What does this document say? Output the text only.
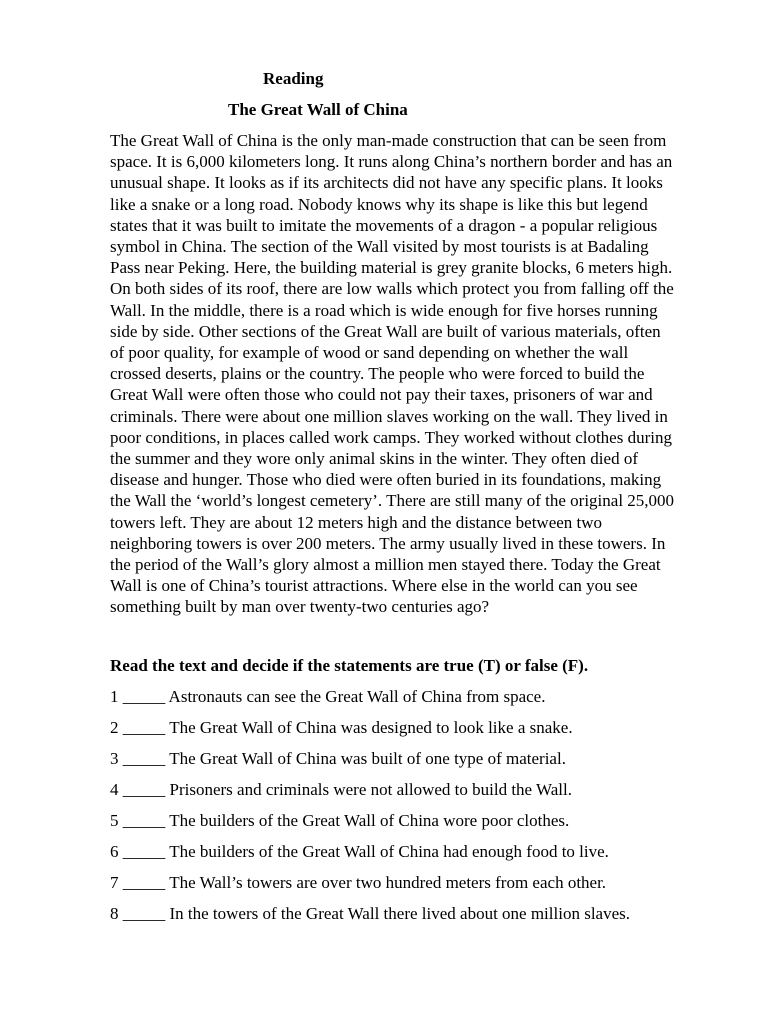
Reading
The Great Wall of China
The Great Wall of China is the only man-made construction that can be seen from
space. It is 6,000 kilometers long. It runs along China’s northern border and has an
unusual shape. It looks as if its architects did not have any specific plans. It looks
like a snake or a long road. Nobody knows why its shape is like this but legend
states that it was built to imitate the movements of a dragon - a popular religious
symbol in China. The section of the Wall visited by most tourists is at Badaling
Pass near Peking. Here, the building material is grey granite blocks, 6 meters high.
On both sides of its roof, there are low walls which protect you from falling off the
Wall. In the middle, there is a road which is wide enough for five horses running
side by side. Other sections of the Great Wall are built of various materials, often
of poor quality, for example of wood or sand depending on whether the wall
crossed deserts, plains or the country. The people who were forced to build the
Great Wall were often those who could not pay their taxes, prisoners of war and
criminals. There were about one million slaves working on the wall. They lived in
poor conditions, in places called work camps. They worked without clothes during
the summer and they wore only animal skins in the winter. They often died of
disease and hunger. Those who died were often buried in its foundations, making
the Wall the ‘world’s longest cemetery’. There are still many of the original 25,000
towers left. They are about 12 meters high and the distance between two
neighboring towers is over 200 meters. The army usually lived in these towers. In
the period of the Wall’s glory almost a million men stayed there. Today the Great
Wall is one of China’s tourist attractions. Where else in the world can you see
something built by man over twenty-two centuries ago?
Read the text and decide if the statements are true (T) or false (F).
1 _____ Astronauts can see the Great Wall of China from space.
2 _____ The Great Wall of China was designed to look like a snake.
3 _____ The Great Wall of China was built of one type of material.
4 _____ Prisoners and criminals were not allowed to build the Wall.
5 _____ The builders of the Great Wall of China wore poor clothes.
6 _____ The builders of the Great Wall of China had enough food to live.
7 _____ The Wall’s towers are over two hundred meters from each other.
8 _____ In the towers of the Great Wall there lived about one million slaves.
